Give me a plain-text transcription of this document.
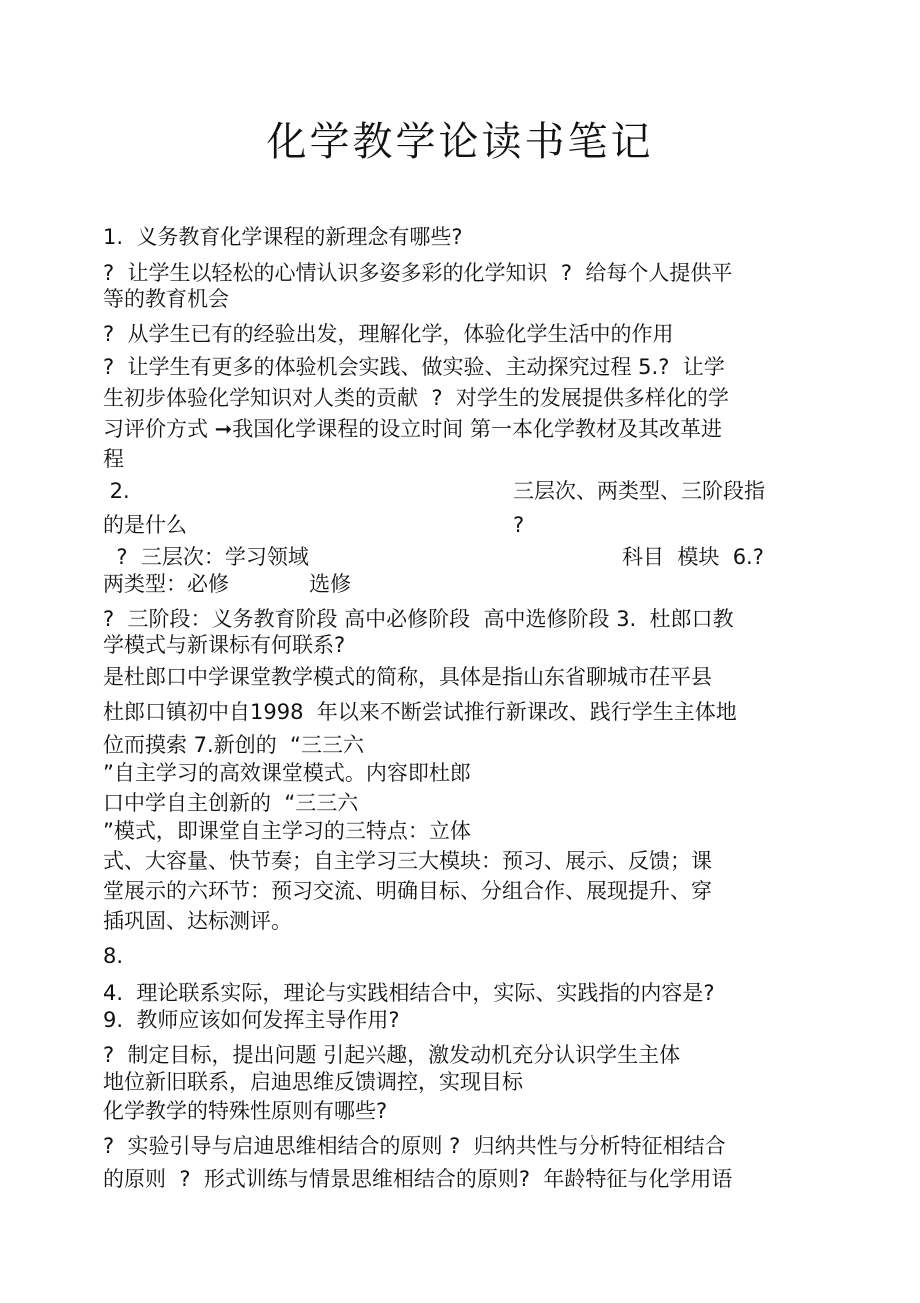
化学教学论读书笔记
1.  义务教育化学课程的新理念有哪些?
?  让学生以轻松的心情认识多姿多彩的化学知识  ?  给每个人提供平
等的教育机会
?  从学生已有的经验出发，理解化学，体验化学生活中的作用
?  让学生有更多的体验机会实践、做实验、主动探究过程 5.?  让学
生初步体验化学知识对人类的贡献  ?  对学生的发展提供多样化的学
习评价方式 ➞我国化学课程的设立时间 第一本化学教材及其改革进
程
2.	三层次、两类型、三阶段指
的是什么	?
?  三层次：学习领域	科目  模块  6.?
两类型：必修            选修
?  三阶段：义务教育阶段 高中必修阶段  高中选修阶段 3.  杜郎口教
学模式与新课标有何联系?
是杜郎口中学课堂教学模式的简称，具体是指山东省聊城市茌平县
杜郎口镇初中自1998  年以来不断尝试推行新课改、践行学生主体地
位而摸索 7.新创的  “三三六
”自主学习的高效课堂模式。内容即杜郎
口中学自主创新的  “三三六
”模式，即课堂自主学习的三特点：立体
式、大容量、快节奏；自主学习三大模块：预习、展示、反馈；课
堂展示的六环节：预习交流、明确目标、分组合作、展现提升、穿
插巩固、达标测评。
8.
4.  理论联系实际，理论与实践相结合中，实际、实践指的内容是?
9.  教师应该如何发挥主导作用?
?  制定目标，提出问题 引起兴趣，激发动机充分认识学生主体
地位新旧联系，启迪思维反馈调控，实现目标
化学教学的特殊性原则有哪些?
?  实验引导与启迪思维相结合的原则 ?  归纳共性与分析特征相结合
的原则  ?  形式训练与情景思维相结合的原则?  年龄特征与化学用语
